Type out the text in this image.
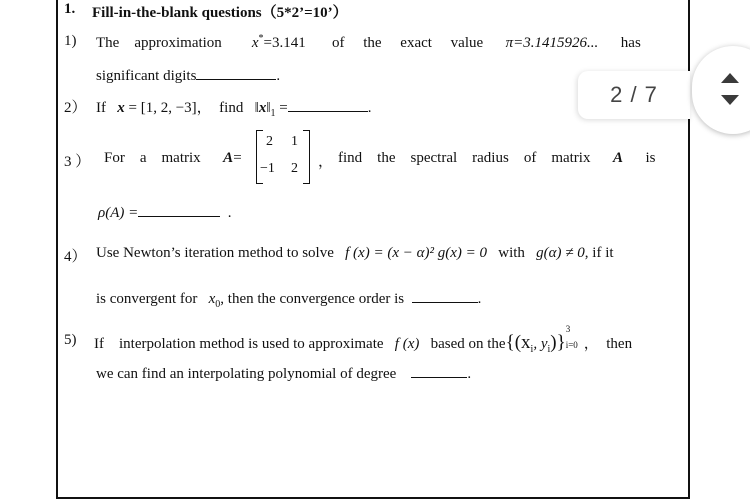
1. Fill-in-the-blank questions（5*2’=10’）
1) The approximation x*=3.141 of the exact value π=3.1415926... has
significant digits	.
2） If x = [1, 2, −3]， find $‖x‖_1$ =	.
3 ） For a matrix A=
2 1
−1 2 ， find the spectral radius of matrix A is
ρ(A) =	.
4） Use Newton’s iteration method to solve f (x) = (x − α)² g(x) = 0 with g(α) ≠ 0, if it
is convergent for $x_0$, then the convergence order is	.
5) If interpolation method is used to approximate f (x) based on $the\{(x_i$, $y_i$)}
3
i=0 ， then
we can find an interpolating polynomial of degree	.
2 / 7
